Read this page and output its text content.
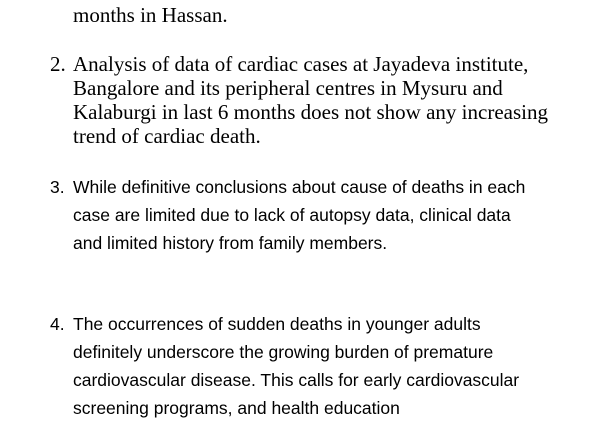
months in Hassan.
2. Analysis of data of cardiac cases at Jayadeva institute,
Bangalore and its peripheral centres in Mysuru and
Kalaburgi in last 6 months does not show any increasing
trend of cardiac death.
3. While definitive conclusions about cause of deaths in each
case are limited due to lack of autopsy data, clinical data
and limited history from family members.
4. The occurrences of sudden deaths in younger adults
definitely underscore the growing burden of premature
cardiovascular disease. This calls for early cardiovascular
screening programs, and health education
